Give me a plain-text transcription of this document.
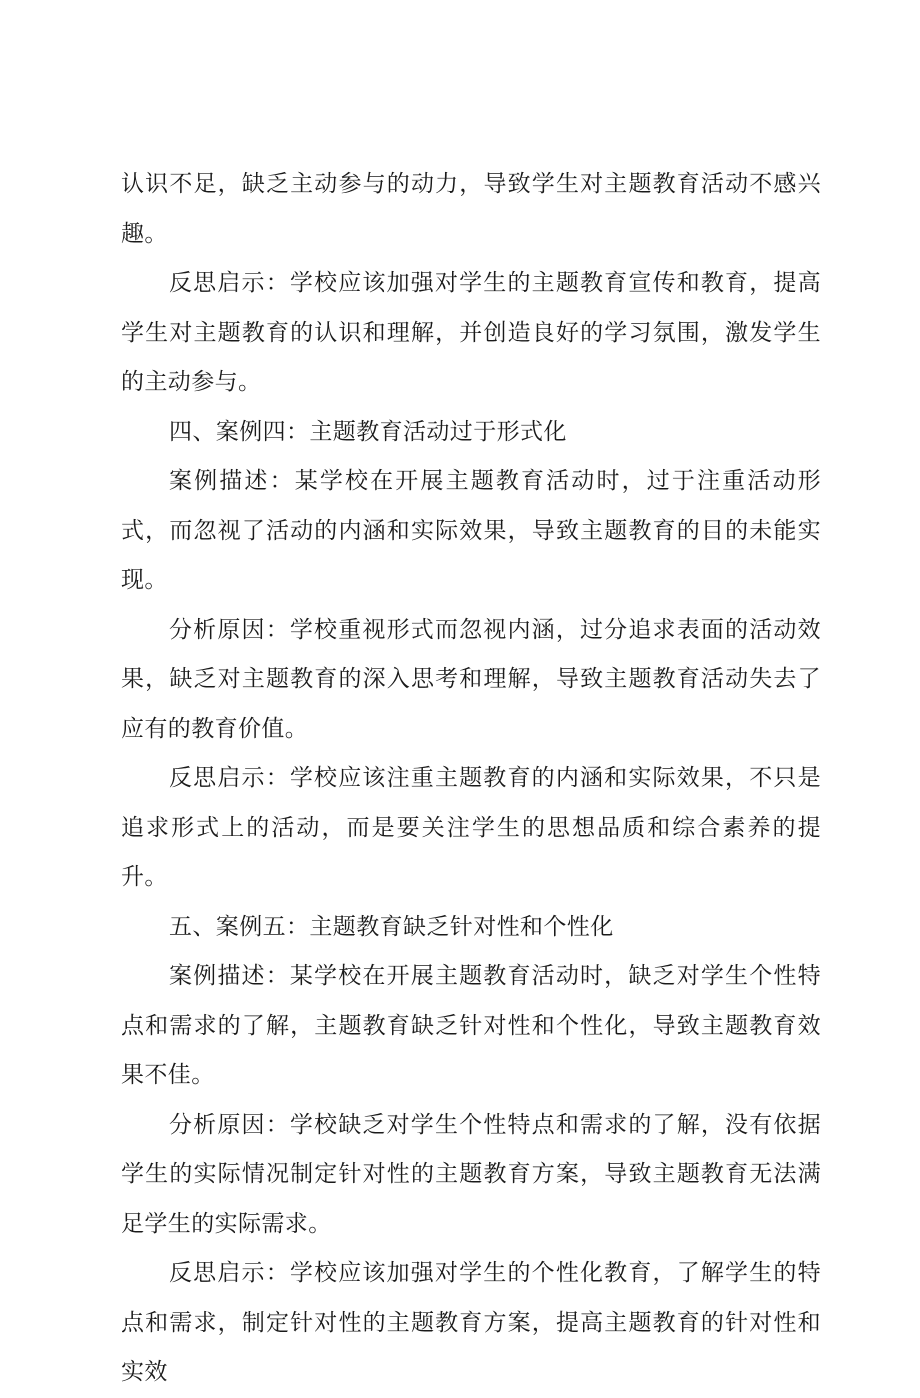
认识不足，缺乏主动参与的动力，导致学生对主题教育活动不感兴趣。

反思启示：学校应该加强对学生的主题教育宣传和教育，提高学生对主题教育的认识和理解，并创造良好的学习氛围，激发学生的主动参与。

四、案例四：主题教育活动过于形式化

案例描述：某学校在开展主题教育活动时，过于注重活动形式，而忽视了活动的内涵和实际效果，导致主题教育的目的未能实现。

分析原因：学校重视形式而忽视内涵，过分追求表面的活动效果，缺乏对主题教育的深入思考和理解，导致主题教育活动失去了应有的教育价值。

反思启示：学校应该注重主题教育的内涵和实际效果，不只是追求形式上的活动，而是要关注学生的思想品质和综合素养的提升。

五、案例五：主题教育缺乏针对性和个性化

案例描述：某学校在开展主题教育活动时，缺乏对学生个性特点和需求的了解，主题教育缺乏针对性和个性化，导致主题教育效果不佳。

分析原因：学校缺乏对学生个性特点和需求的了解，没有依据学生的实际情况制定针对性的主题教育方案，导致主题教育无法满足学生的实际需求。

反思启示：学校应该加强对学生的个性化教育，了解学生的特点和需求，制定针对性的主题教育方案，提高主题教育的针对性和实效
